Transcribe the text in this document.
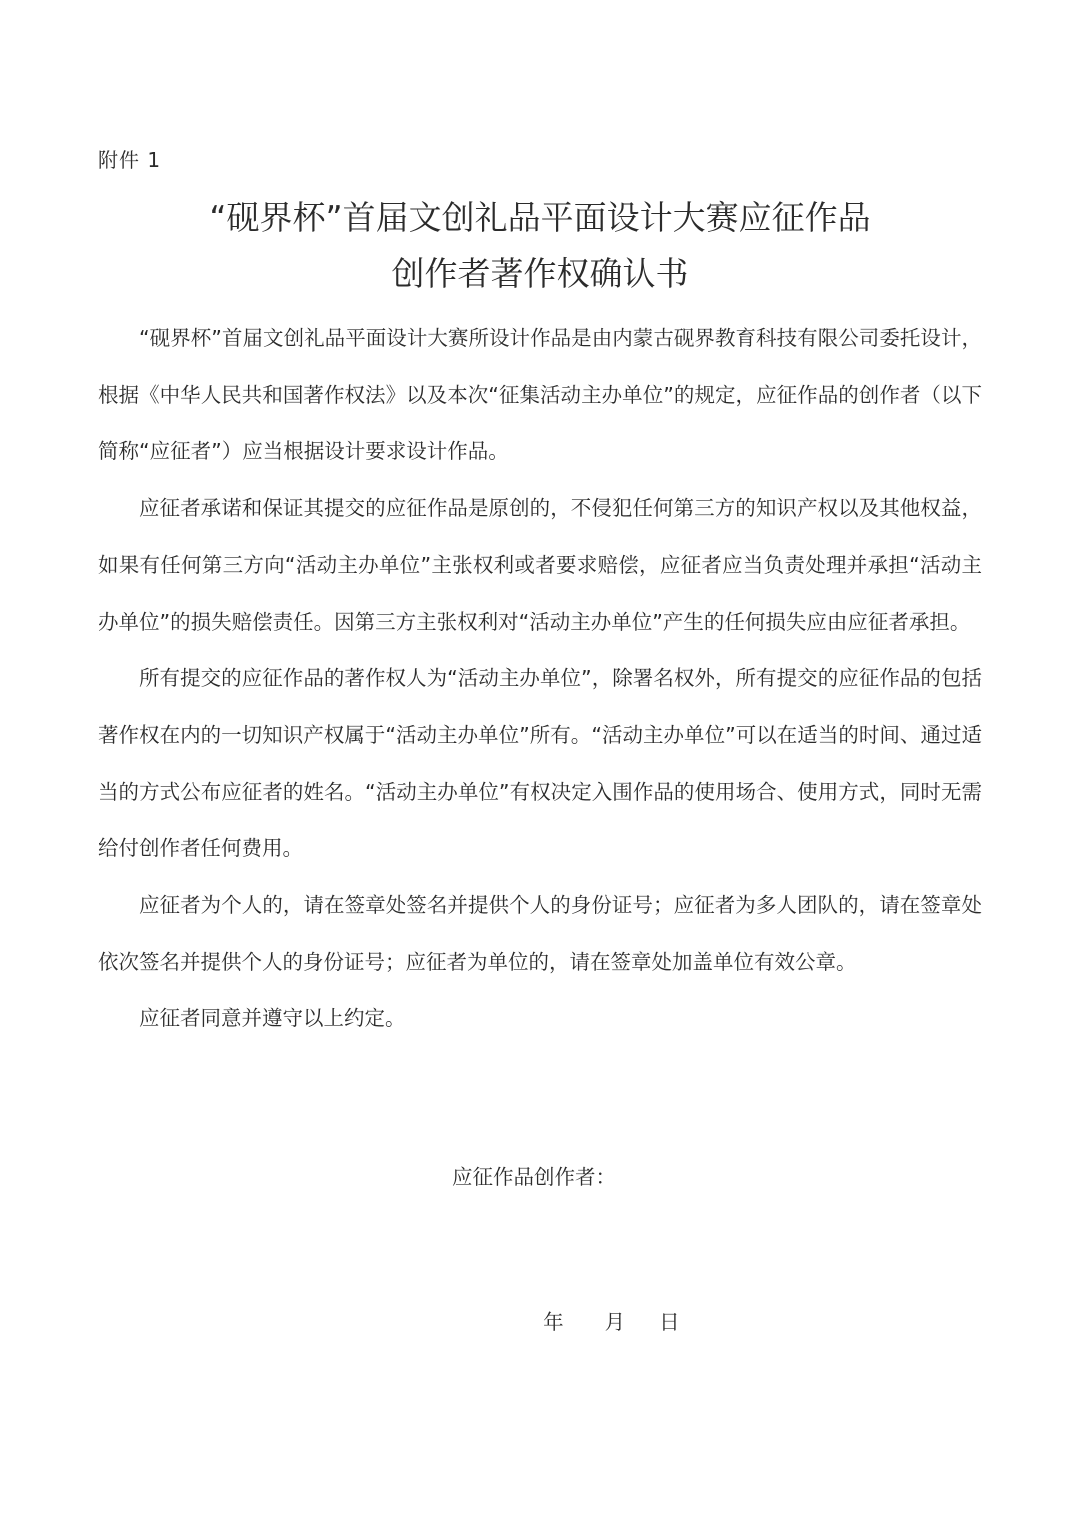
附件 1
“砚界杯”首届文创礼品平面设计大赛应征作品
创作者著作权确认书

“砚界杯”首届文创礼品平面设计大赛所设计作品是由内蒙古砚界教育科技有限公司委托设计，根据《中华人民共和国著作权法》以及本次“征集活动主办单位”的规定，应征作品的创作者（以下简称“应征者”）应当根据设计要求设计作品。

应征者承诺和保证其提交的应征作品是原创的，不侵犯任何第三方的知识产权以及其他权益，如果有任何第三方向“活动主办单位”主张权利或者要求赔偿，应征者应当负责处理并承担“活动主办单位”的损失赔偿责任。因第三方主张权利对“活动主办单位”产生的任何损失应由应征者承担。

所有提交的应征作品的著作权人为“活动主办单位”，除署名权外，所有提交的应征作品的包括著作权在内的一切知识产权属于“活动主办单位”所有。“活动主办单位”可以在适当的时间、通过适当的方式公布应征者的姓名。“活动主办单位”有权决定入围作品的使用场合、使用方式，同时无需给付创作者任何费用。

应征者为个人的，请在签章处签名并提供个人的身份证号；应征者为多人团队的，请在签章处依次签名并提供个人的身份证号；应征者为单位的，请在签章处加盖单位有效公章。

应征者同意并遵守以上约定。

应征作品创作者：

年 月 日
